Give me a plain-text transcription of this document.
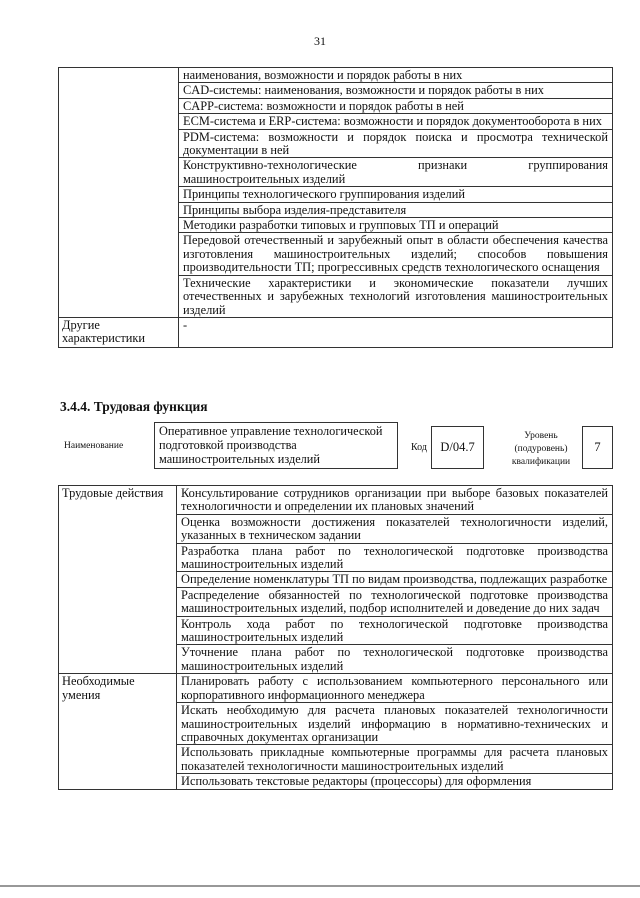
31
	наименования, возможности и порядок работы в них
	CAD-системы: наименования, возможности и порядок работы в них
	CAPP-система: возможности и порядок работы в ней
	ECM-система и ERP-система: возможности и порядок документооборота в них
	PDM-система: возможности и порядок поиска и просмотра технической документации в ней
	Конструктивно-технологические признаки группирования машиностроительных изделий
	Принципы технологического группирования изделий
	Принципы выбора изделия-представителя
	Методики разработки типовых и групповых ТП и операций
	Передовой отечественный и зарубежный опыт в области обеспечения качества изготовления машиностроительных изделий; способов повышения производительности ТП; прогрессивных средств технологического оснащения
	Технические характеристики и экономические показатели лучших отечественных и зарубежных технологий изготовления машиностроительных изделий
Другие характеристики	-
3.4.4. Трудовая функция
Наименование
Оперативное управление технологической подготовкой производства машиностроительных изделий
Код	D/04.7
Уровень (подуровень) квалификации
7
Трудовые действия	Консультирование сотрудников организации при выборе базовых показателей технологичности и определении их плановых значений
	Оценка возможности достижения показателей технологичности изделий, указанных в техническом задании
	Разработка плана работ по технологической подготовке производства машиностроительных изделий
	Определение номенклатуры ТП по видам производства, подлежащих разработке
	Распределение обязанностей по технологической подготовке производства машиностроительных изделий, подбор исполнителей и доведение до них задач
	Контроль хода работ по технологической подготовке производства машиностроительных изделий
	Уточнение плана работ по технологической подготовке производства машиностроительных изделий
Необходимые умения	Планировать работу с использованием компьютерного персонального или корпоративного информационного менеджера
	Искать необходимую для расчета плановых показателей технологичности машиностроительных изделий информацию в нормативно-технических и справочных документах организации
	Использовать прикладные компьютерные программы для расчета плановых показателей технологичности машиностроительных изделий
	Использовать текстовые редакторы (процессоры) для оформления
